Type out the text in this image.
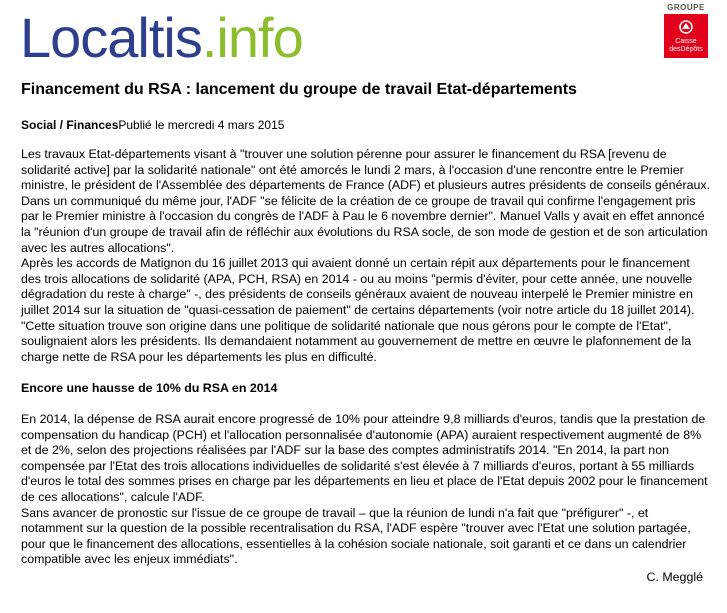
Localtis.info	GROUPE
Caisse
desDépôts
Financement du RSA : lancement du groupe de travail Etat-départements
Social / FinancesPublié le mercredi 4 mars 2015

Les travaux Etat-départements visant à "trouver une solution pérenne pour assurer le financement du RSA [revenu de solidarité active] par la solidarité nationale" ont été amorcés le lundi 2 mars, à l'occasion d'une rencontre entre le Premier ministre, le président de l'Assemblée des départements de France (ADF) et plusieurs autres présidents de conseils généraux. Dans un communiqué du même jour, l'ADF "se félicite de la création de ce groupe de travail qui confirme l'engagement pris par le Premier ministre à l'occasion du congrès de l'ADF à Pau le 6 novembre dernier". Manuel Valls y avait en effet annoncé la "réunion d'un groupe de travail afin de réfléchir aux évolutions du RSA socle, de son mode de gestion et de son articulation avec les autres allocations".

Après les accords de Matignon du 16 juillet 2013 qui avaient donné un certain répit aux départements pour le financement des trois allocations de solidarité (APA, PCH, RSA) en 2014 - ou au moins "permis d'éviter, pour cette année, une nouvelle dégradation du reste à charge" -, des présidents de conseils généraux avaient de nouveau interpelé le Premier ministre en juillet 2014 sur la situation de "quasi-cessation de paiement" de certains départements (voir notre article du 18 juillet 2014). "Cette situation trouve son origine dans une politique de solidarité nationale que nous gérons pour le compte de l'Etat", soulignaient alors les présidents. Ils demandaient notamment au gouvernement de mettre en œuvre le plafonnement de la charge nette de RSA pour les départements les plus en difficulté.

Encore une hausse de 10% du RSA en 2014

En 2014, la dépense de RSA aurait encore progressé de 10% pour atteindre 9,8 milliards d'euros, tandis que la prestation de compensation du handicap (PCH) et l'allocation personnalisée d'autonomie (APA) auraient respectivement augmenté de 8% et de 2%, selon des projections réalisées par l'ADF sur la base des comptes administratifs 2014. "En 2014, la part non compensée par l'Etat des trois allocations individuelles de solidarité s'est élevée à 7 milliards d'euros, portant à 55 milliards d'euros le total des sommes prises en charge par les départements en lieu et place de l'Etat depuis 2002 pour le financement de ces allocations", calcule l'ADF.

Sans avancer de pronostic sur l'issue de ce groupe de travail – que la réunion de lundi n'a fait que "préfigurer" -, et notamment sur la question de la possible recentralisation du RSA, l'ADF espère "trouver avec l'Etat une solution partagée, pour que le financement des allocations, essentielles à la cohésion sociale nationale, soit garanti et ce dans un calendrier compatible avec les enjeux immédiats".

C. Megglé
